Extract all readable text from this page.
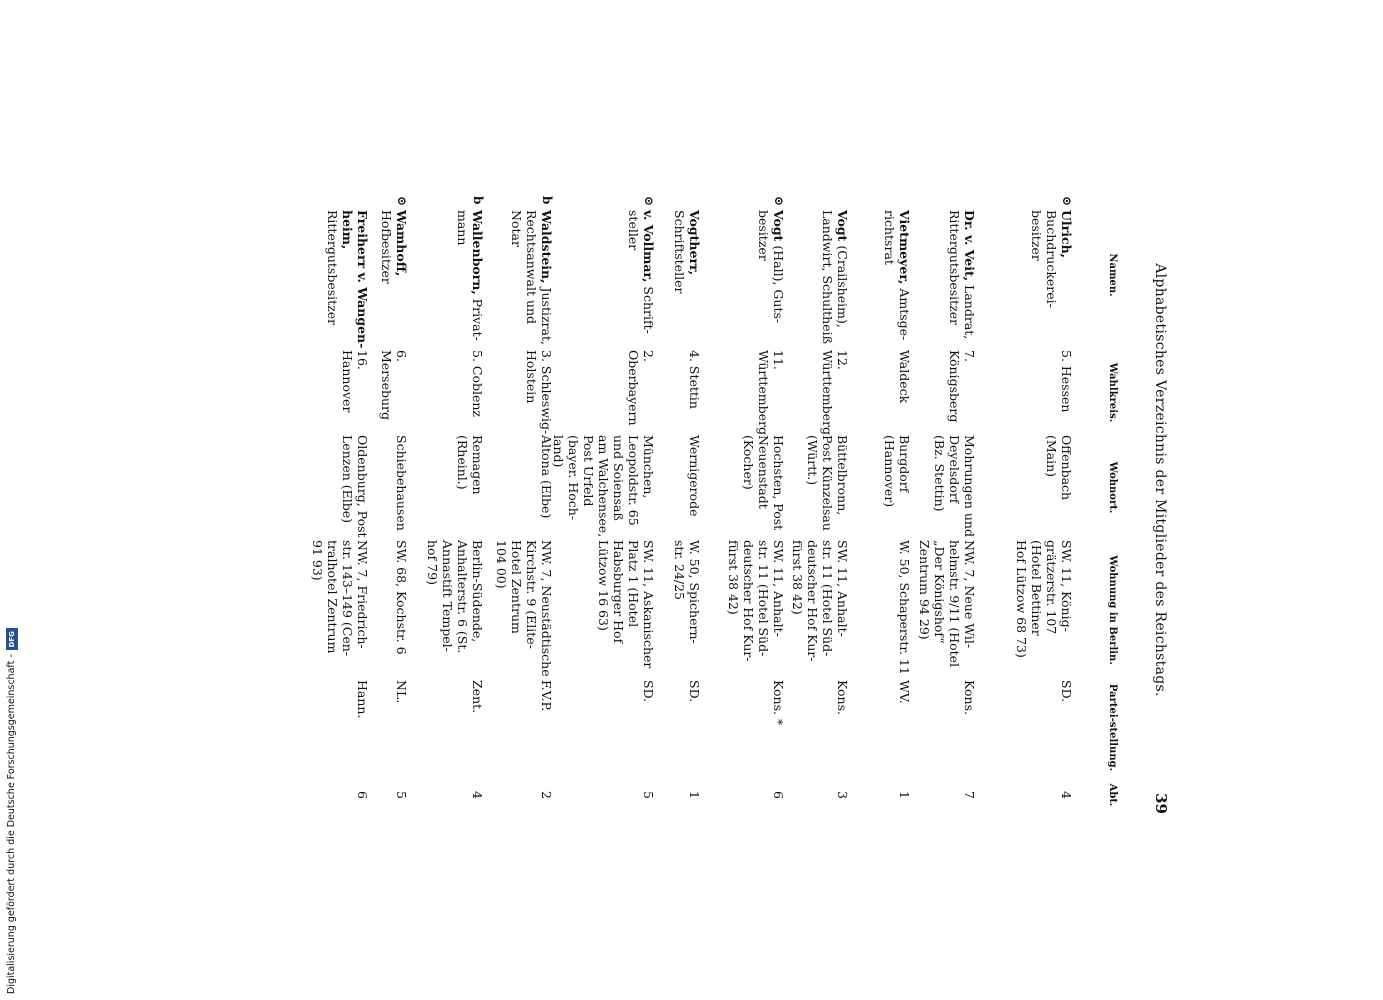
Alphabetisches Verzeichnis der Mitglieder des Reichstags.
39
Namen.
Wahlkreis.
Wohnort.
Wohnung in Berlin.
Partei-stellung.
Abt.
⊙
Ulrich, Buchdruckerei-
besitzer
5. Hessen
Offenbach
(Main)
SW. 11, König-
grätzerstr. 107
(Hotel Bettiner
Hof Lützow 68 73)
SD.
4
Dr. v. Veit, Landrat,
Rittergutsbesitzer
7. Königsberg
Mohrungen und
Deyelsdorf
(Bz. Stettin)
NW. 7, Neue Wil-
helmstr. 9/11 (Hotel
„Der Königshof“
Zentrum 94 29)
Kons.
7
Vietmeyer, Amtsge-
richtsrat
Waldeck
Burgdorf
(Hannover)
W. 50, Schaperstr. 11
WV.
1
Vogt (Crailsheim),
Landwirt, Schultheiß
12. Württemberg
Büttelbronn,
Post Künzelsau
(Württ.)
SW. 11, Anhalt-
str. 11 (Hotel Süd-
deutscher Hof Kur-
fürst 38 42)
Kons.
3
⊙
Vogt (Hall), Guts-
besitzer
11. Württemberg
Hochsten, Post
Neuenstadt
(Kocher)
SW. 11, Anhalt-
str. 11 (Hotel Süd-
deutscher Hof Kur-
fürst 38 42)
Kons. *
6
Vogtherr, Schriftsteller
4. Stettin
Wernigerode
W. 50, Spichern-
str. 24/25
SD.
1
⊙
v. Vollmar, Schrift-
steller
2. Oberbayern
München,
Leopoldstr. 65
und Soiensaß
am Walchensee,
Post Urfeld
(bayer. Hoch-
land)
SW. 11, Askanischer
Platz 1 (Hotel
Habsburger Hof
Lützow 16 63)
SD.
5
b
Waldstein, Justizrat,
Rechtsanwalt und
Notar
3. Schleswig-
Holstein
Altona (Elbe)
NW. 7, Neustädtische
Kirchstr. 9 (Elite-
Hotel Zentrum
104 00)
F.V.P.
2
b
Wallenborn, Privat-
mann
5. Coblenz
Remagen
(Rheinl.)
Berlin-Südende,
Anhalterstr. 6 (St.
Annastift Tempel-
hof 79)
Zent.
4
⊙
Wamhoff, Hofbesitzer
6. Merseburg
Schiebehausen
SW. 68, Kochstr. 6
NL.
5
Freiherr v. Wangen-
heim, Rittergutsbesitzer
16. Hannover
Oldenburg, Post
Lenzen (Elbe)
NW. 7, Friedrich-
str. 143–149 (Cen-
tralhotel Zentrum
91 93)
Hann.
6
Digitalisierung gefördert durch die Deutsche Forschungsgemeinschaft -
DFG
